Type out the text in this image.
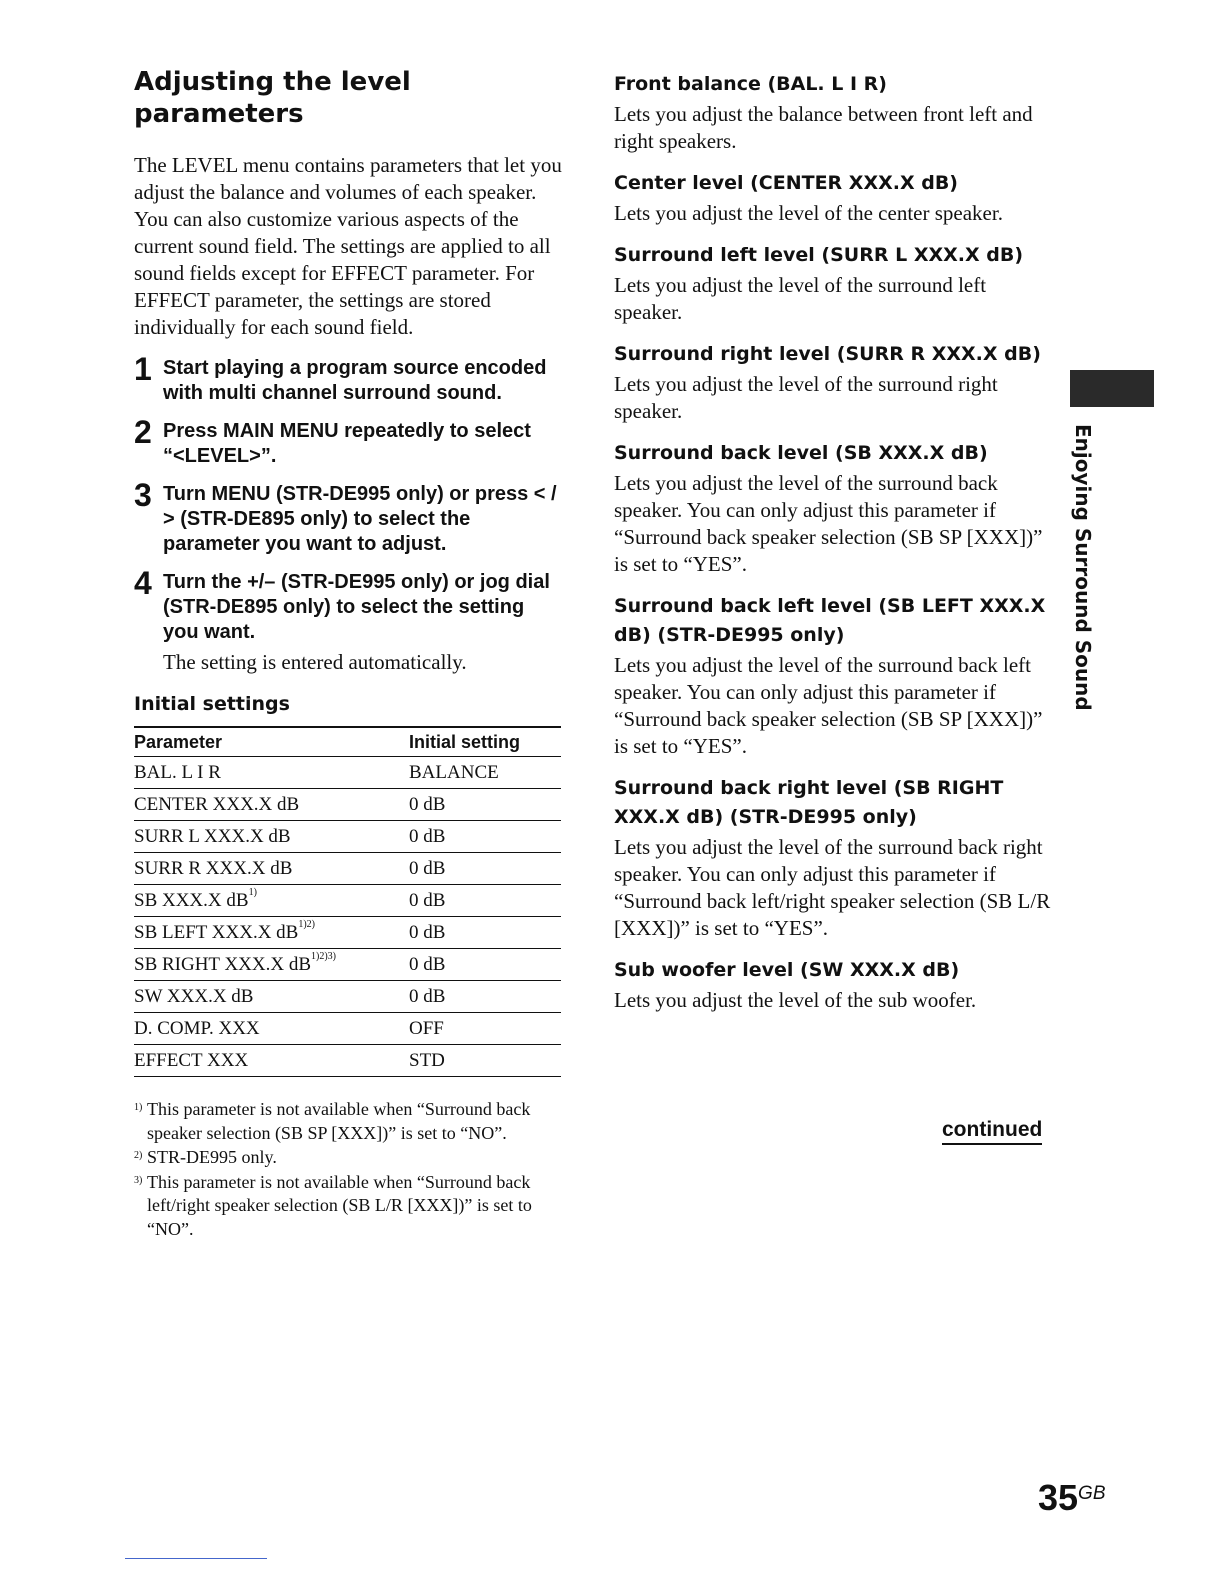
Adjusting the level parameters

The LEVEL menu contains parameters that let you adjust the balance and volumes of each speaker. You can also customize various aspects of the current sound field. The settings are applied to all sound fields except for EFFECT parameter. For EFFECT parameter, the settings are stored individually for each sound field.

1 Start playing a program source encoded with multi channel surround sound.
2 Press MAIN MENU repeatedly to select “<LEVEL>”.
3 Turn MENU (STR-DE995 only) or press < / > (STR-DE895 only) to select the parameter you want to adjust.
4 Turn the +/– (STR-DE995 only) or jog dial (STR-DE895 only) to select the setting you want.
The setting is entered automatically.
Initial settings
Parameter	Initial setting
BAL. L I R	BALANCE
CENTER XXX.X dB	0 dB
SURR L XXX.X dB	0 dB
SURR R XXX.X dB	0 dB
SB XXX.X $dB^{1)}$	0 dB
SB LEFT XXX.X $dB^{1)2)}$	0 dB
SB RIGHT XXX.X $dB^{1)2)3)}$	0 dB
SW XXX.X dB	0 dB
D. COMP. XXX	OFF
EFFECT XXX	STD
1) This parameter is not available when “Surround back speaker selection (SB SP [XXX])” is set to “NO”.
2) STR-DE995 only.
3) This parameter is not available when “Surround back left/right speaker selection (SB L/R [XXX])” is set to “NO”.
Front balance (BAL. L I R)

Lets you adjust the balance between front left and right speakers.

Center level (CENTER XXX.X dB)

Lets you adjust the level of the center speaker.

Surround left level (SURR L XXX.X dB)

Lets you adjust the level of the surround left speaker.

Surround right level (SURR R XXX.X dB)

Lets you adjust the level of the surround right speaker.

Surround back level (SB XXX.X dB)

Lets you adjust the level of the surround back speaker. You can only adjust this parameter if “Surround back speaker selection (SB SP [XXX])” is set to “YES”.

Surround back left level (SB LEFT XXX.X dB) (STR-DE995 only)

Lets you adjust the level of the surround back left speaker. You can only adjust this parameter if “Surround back speaker selection (SB SP [XXX])” is set to “YES”.

Surround back right level (SB RIGHT XXX.X dB) (STR-DE995 only)

Lets you adjust the level of the surround back right speaker. You can only adjust this parameter if “Surround back left/right speaker selection (SB L/R [XXX])” is set to “YES”.

Sub woofer level (SW XXX.X dB)

Lets you adjust the level of the sub woofer.

continued
Enjoying Surround Sound
$35^{GB}$
